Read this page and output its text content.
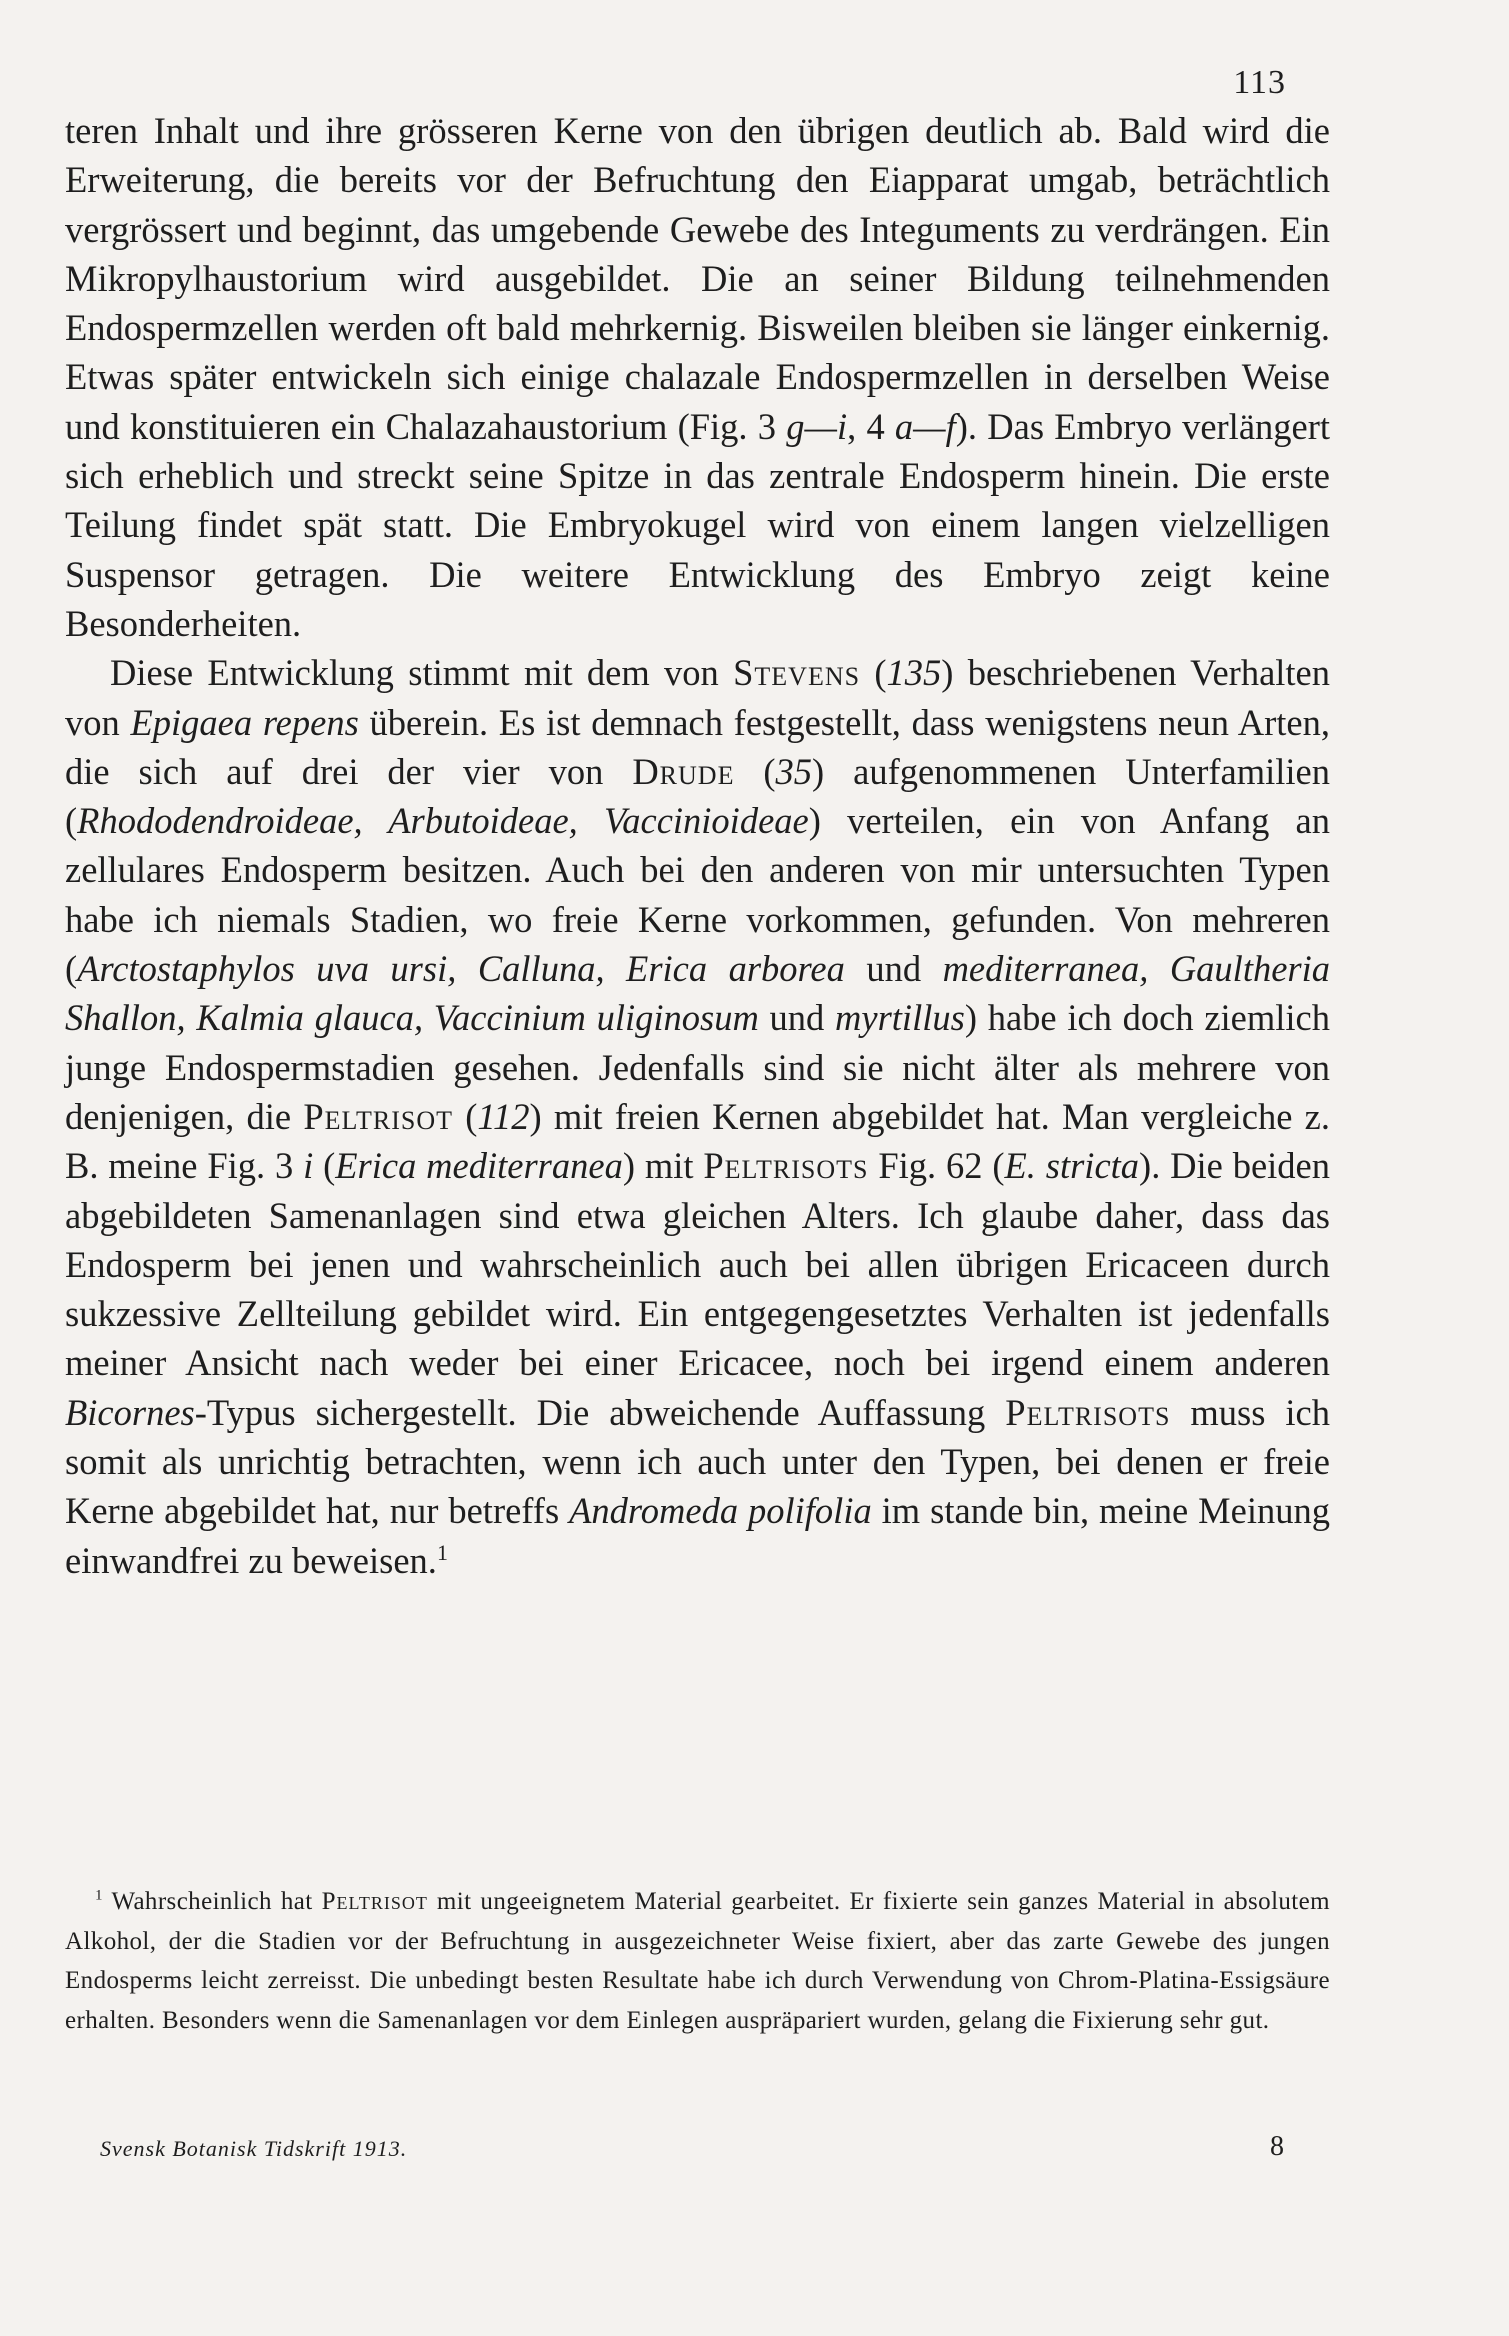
113

teren Inhalt und ihre grösseren Kerne von den übrigen deutlich ab. Bald wird die Erweiterung, die bereits vor der Befruchtung den Eiapparat umgab, beträchtlich vergrössert und beginnt, das umgebende Gewebe des Integuments zu verdrängen. Ein Mikropylhaustorium wird ausgebildet. Die an seiner Bildung teilnehmenden Endospermzellen werden oft bald mehrkernig. Bisweilen bleiben sie länger einkernig. Etwas später entwickeln sich einige chalazale Endospermzellen in derselben Weise und konstituieren ein Chalazahaustorium (Fig. 3 g—i, 4 a—f). Das Embryo verlängert sich erheblich und streckt seine Spitze in das zentrale Endosperm hinein. Die erste Teilung findet spät statt. Die Embryokugel wird von einem langen vielzelligen Suspensor getragen. Die weitere Entwicklung des Embryo zeigt keine Besonderheiten.

Diese Entwicklung stimmt mit dem von Stevens (135) beschriebenen Verhalten von Epigaea repens überein. Es ist demnach festgestellt, dass wenigstens neun Arten, die sich auf drei der vier von Drude (35) aufgenommenen Unterfamilien (Rhododendroideae, Arbutoideae, Vaccinioideae) verteilen, ein von Anfang an zellulares Endosperm besitzen. Auch bei den anderen von mir untersuchten Typen habe ich niemals Stadien, wo freie Kerne vorkommen, gefunden. Von mehreren (Arctostaphylos uva ursi, Calluna, Erica arborea und mediterranea, Gaultheria Shallon, Kalmia glauca, Vaccinium uliginosum und myrtillus) habe ich doch ziemlich junge Endospermstadien gesehen. Jedenfalls sind sie nicht älter als mehrere von denjenigen, die Peltrisot (112) mit freien Kernen abgebildet hat. Man vergleiche z. B. meine Fig. 3 i (Erica mediterranea) mit Peltrisots Fig. 62 (E. stricta). Die beiden abgebildeten Samenanlagen sind etwa gleichen Alters. Ich glaube daher, dass das Endosperm bei jenen und wahrscheinlich auch bei allen übrigen Ericaceen durch sukzessive Zellteilung gebildet wird. Ein entgegengesetztes Verhalten ist jedenfalls meiner Ansicht nach weder bei einer Ericacee, noch bei irgend einem anderen Bicornes-Typus sichergestellt. Die abweichende Auffassung Peltrisots muss ich somit als unrichtig betrachten, wenn ich auch unter den Typen, bei denen er freie Kerne abgebildet hat, nur betreffs Andromeda polifolia im stande bin, meine Meinung einwandfrei zu beweisen.$^1$

$^1$ Wahrscheinlich hat Peltrisot mit ungeeignetem Material gearbeitet. Er fixierte sein ganzes Material in absolutem Alkohol, der die Stadien vor der Befruchtung in ausgezeichneter Weise fixiert, aber das zarte Gewebe des jungen Endosperms leicht zerreisst. Die unbedingt besten Resultate habe ich durch Verwendung von Chrom-Platina-Essigsäure erhalten. Besonders wenn die Samenanlagen vor dem Einlegen auspräpariert wurden, gelang die Fixierung sehr gut.
Svensk Botanisk Tidskrift 1913.	8
